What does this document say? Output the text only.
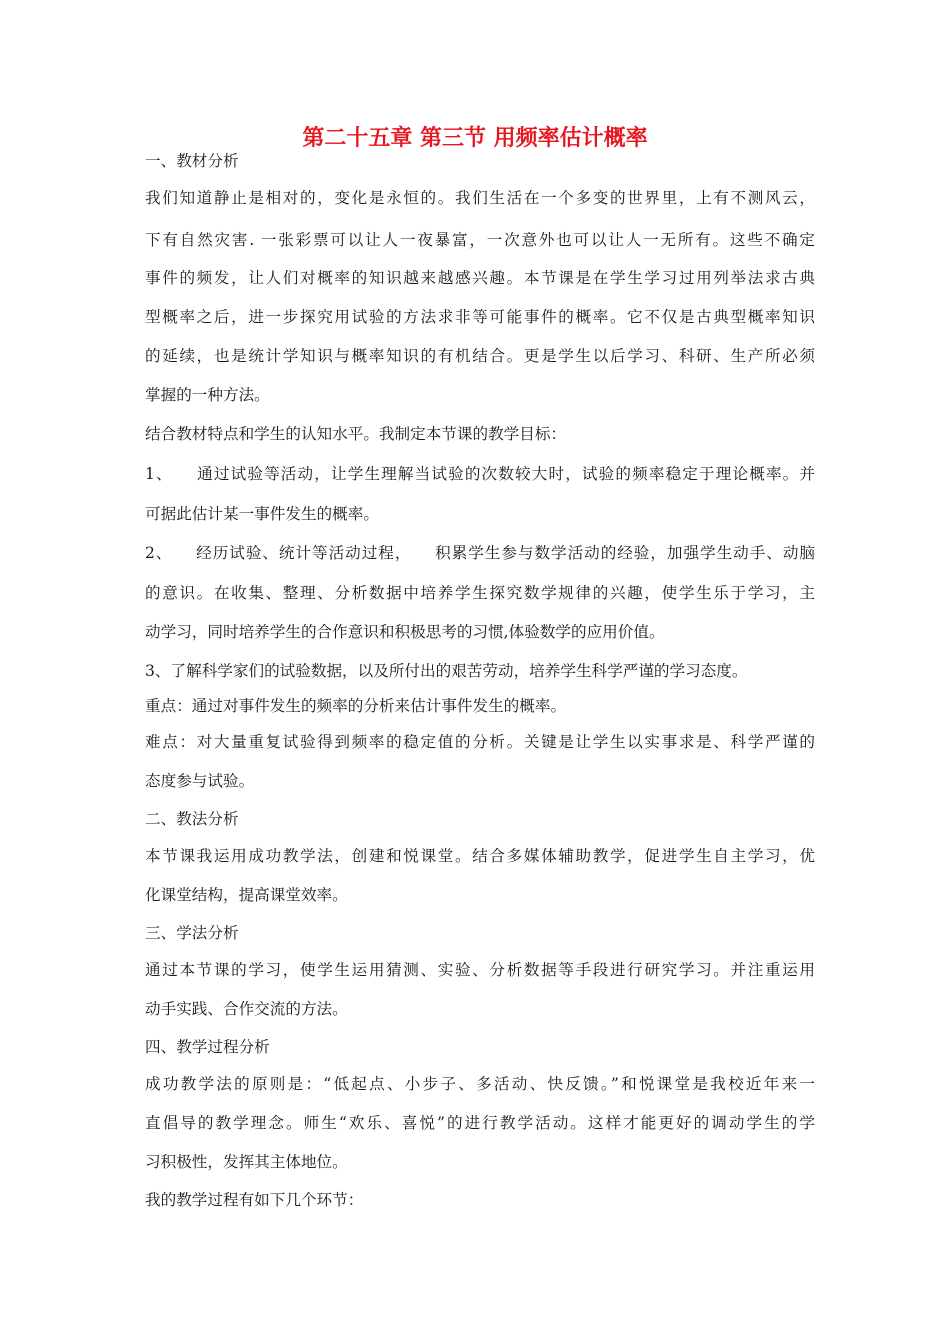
第二十五章 第三节 用频率估计概率
一、教材分析
我们知道静止是相对的，变化是永恒的。我们生活在一个多变的世界里，上有不测风云，
下有自然灾害. 一张彩票可以让人一夜暴富，一次意外也可以让人一无所有。这些不确定
事件的频发，让人们对概率的知识越来越感兴趣。本节课是在学生学习过用列举法求古典
型概率之后，进一步探究用试验的方法求非等可能事件的概率。它不仅是古典型概率知识
的延续，也是统计学知识与概率知识的有机结合。更是学生以后学习、科研、生产所必须
掌握的一种方法。
结合教材特点和学生的认知水平。我制定本节课的教学目标：
1、    通过试验等活动，让学生理解当试验的次数较大时，试验的频率稳定于理论概率。并
可据此估计某一事件发生的概率。
2、    经历试验、统计等活动过程，    积累学生参与数学活动的经验，加强学生动手、动脑
的意识。在收集、整理、分析数据中培养学生探究数学规律的兴趣，使学生乐于学习，主
动学习，同时培养学生的合作意识和积极思考的习惯,体验数学的应用价值。
3、了解科学家们的试验数据，以及所付出的艰苦劳动，培养学生科学严谨的学习态度。
重点：通过对事件发生的频率的分析来估计事件发生的概率。
难点：对大量重复试验得到频率的稳定值的分析。关键是让学生以实事求是、科学严谨的
态度参与试验。
二、教法分析
本节课我运用成功教学法，创建和悦课堂。结合多媒体辅助教学，促进学生自主学习，优
化课堂结构，提高课堂效率。
三、学法分析
通过本节课的学习，使学生运用猜测、实验、分析数据等手段进行研究学习。并注重运用
动手实践、合作交流的方法。
四、教学过程分析
成功教学法的原则是：“低起点、小步子、多活动、快反馈。”和悦课堂是我校近年来一
直倡导的教学理念。师生“欢乐、喜悦”的进行教学活动。这样才能更好的调动学生的学
习积极性，发挥其主体地位。
我的教学过程有如下几个环节：
